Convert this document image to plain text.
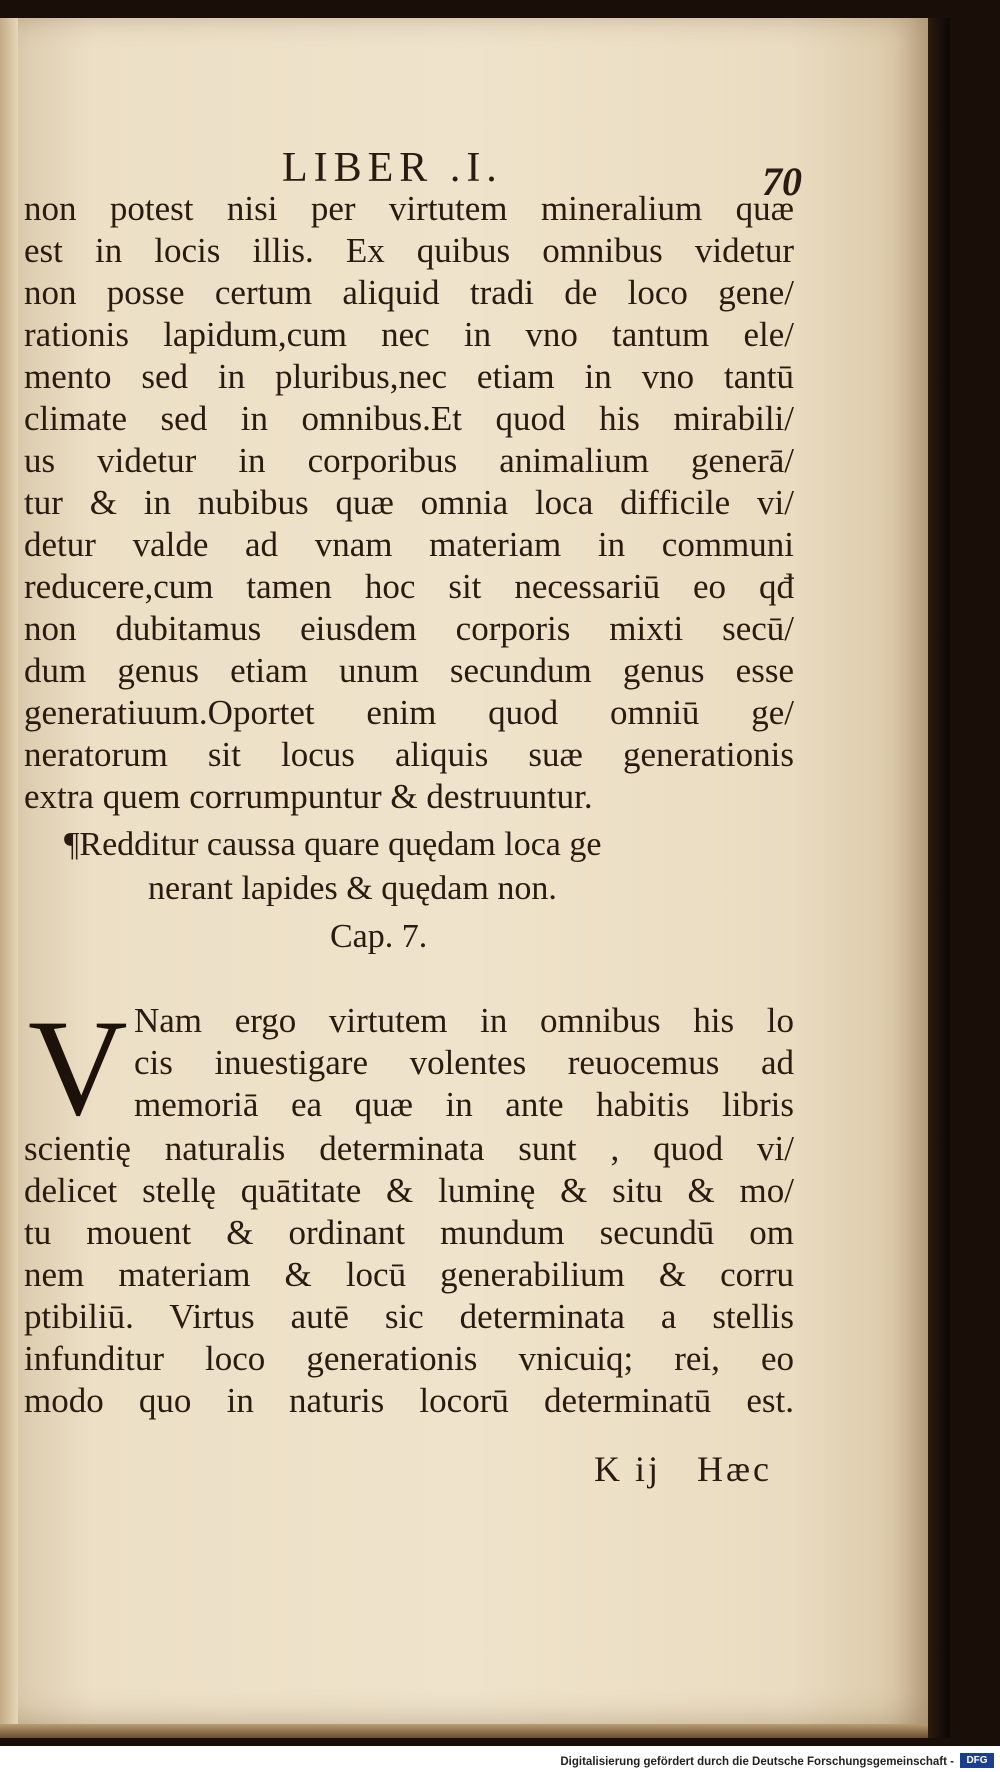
LIBER .I.	70
non potest nisi per virtutem mineralium quæ
est in locis illis. Ex quibus omnibus videtur
non posse certum aliquid tradi de loco gene/
rationis lapidum,cum nec in vno tantum ele/
mento sed in pluribus,nec etiam in vno tantū
climate sed in omnibus.Et quod his mirabili/
us videtur in corporibus animalium generā/
tur & in nubibus quæ omnia loca difficile vi/
detur valde ad vnam materiam in communi
reducere,cum tamen hoc sit necessariū eo qđ
non dubitamus eiusdem corporis mixti secū/
dum genus etiam unum secundum genus esse
generatiuum.Oportet enim quod omniū ge/
neratorum sit locus aliquis suæ generationis
extra quem corrumpuntur & destruuntur.
¶Redditur caussa quare quędam loca ge
nerant lapides & quędam non.
Cap. 7.
V Nam ergo virtutem in omnibus his lo
cis inuestigare volentes reuocemus ad
memoriā ea quæ in ante habitis libris
scientię naturalis determinata sunt , quod vi/
delicet stellę quātitate & luminę & situ & mo/
tu mouent & ordinant mundum secundū om
nem materiam & locū generabilium & corru
ptibiliū. Virtus autē sic determinata a stellis
infunditur loco generationis vnicuiq; rei, eo
modo quo in naturis locorū determinatū est.
K ij Hæc
Digitalisierung gefördert durch die Deutsche Forschungsgemeinschaft -	DFG
